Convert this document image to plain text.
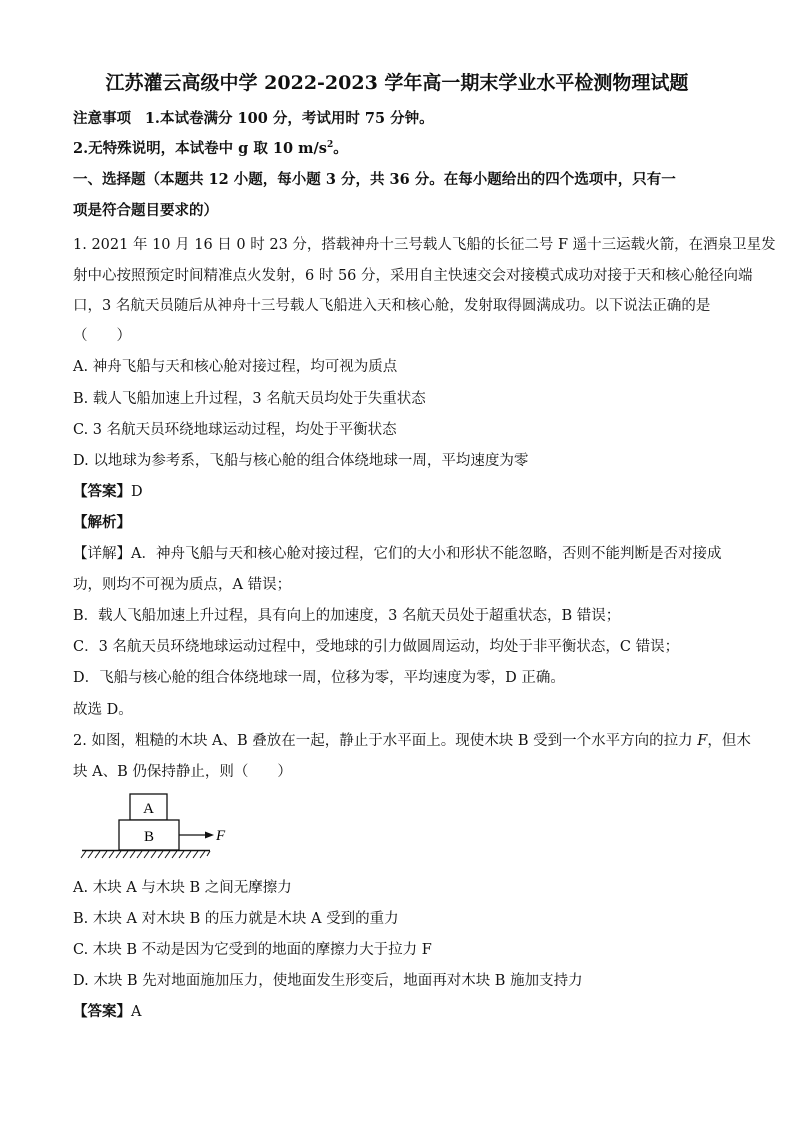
江苏灌云高级中学 2022-2023 学年高一期末学业水平检测物理试题
注意事项 1.本试卷满分 100 分，考试用时 75 分钟。
2.无特殊说明，本试卷中 g 取 10 $m/s^2$。
一、选择题（本题共 12 小题，每小题 3 分，共 36 分。在每小题给出的四个选项中，只有一
项是符合题目要求的）
1. 2021 年 10 月 16 日 0 时 23 分，搭载神舟十三号载人飞船的长征二号 F 遥十三运载火箭，在酒泉卫星发
射中心按照预定时间精准点火发射，6 时 56 分，采用自主快速交会对接模式成功对接于天和核心舱径向端
口，3 名航天员随后从神舟十三号载人飞船进入天和核心舱，发射取得圆满成功。以下说法正确的是
（　　）
A. 神舟飞船与天和核心舱对接过程，均可视为质点
B. 载人飞船加速上升过程，3 名航天员均处于失重状态
C. 3 名航天员环绕地球运动过程，均处于平衡状态
D. 以地球为参考系，飞船与核心舱的组合体绕地球一周，平均速度为零
【答案】D
【解析】
【详解】A．神舟飞船与天和核心舱对接过程，它们的大小和形状不能忽略，否则不能判断是否对接成
功，则均不可视为质点，A 错误；
B．载人飞船加速上升过程，具有向上的加速度，3 名航天员处于超重状态，B 错误；
C．3 名航天员环绕地球运动过程中，受地球的引力做圆周运动，均处于非平衡状态，C 错误；
D．飞船与核心舱的组合体绕地球一周，位移为零，平均速度为零，D 正确。
故选 D。
2. 如图，粗糙的木块 A、B 叠放在一起，静止于水平面上。现使木块 B 受到一个水平方向的拉力 F，但木
块 A、B 仍保持静止，则（　　）
A
B	F
A. 木块 A 与木块 B 之间无摩擦力
B. 木块 A 对木块 B 的压力就是木块 A 受到的重力
C. 木块 B 不动是因为它受到的地面的摩擦力大于拉力 F
D. 木块 B 先对地面施加压力，使地面发生形变后，地面再对木块 B 施加支持力
【答案】A
